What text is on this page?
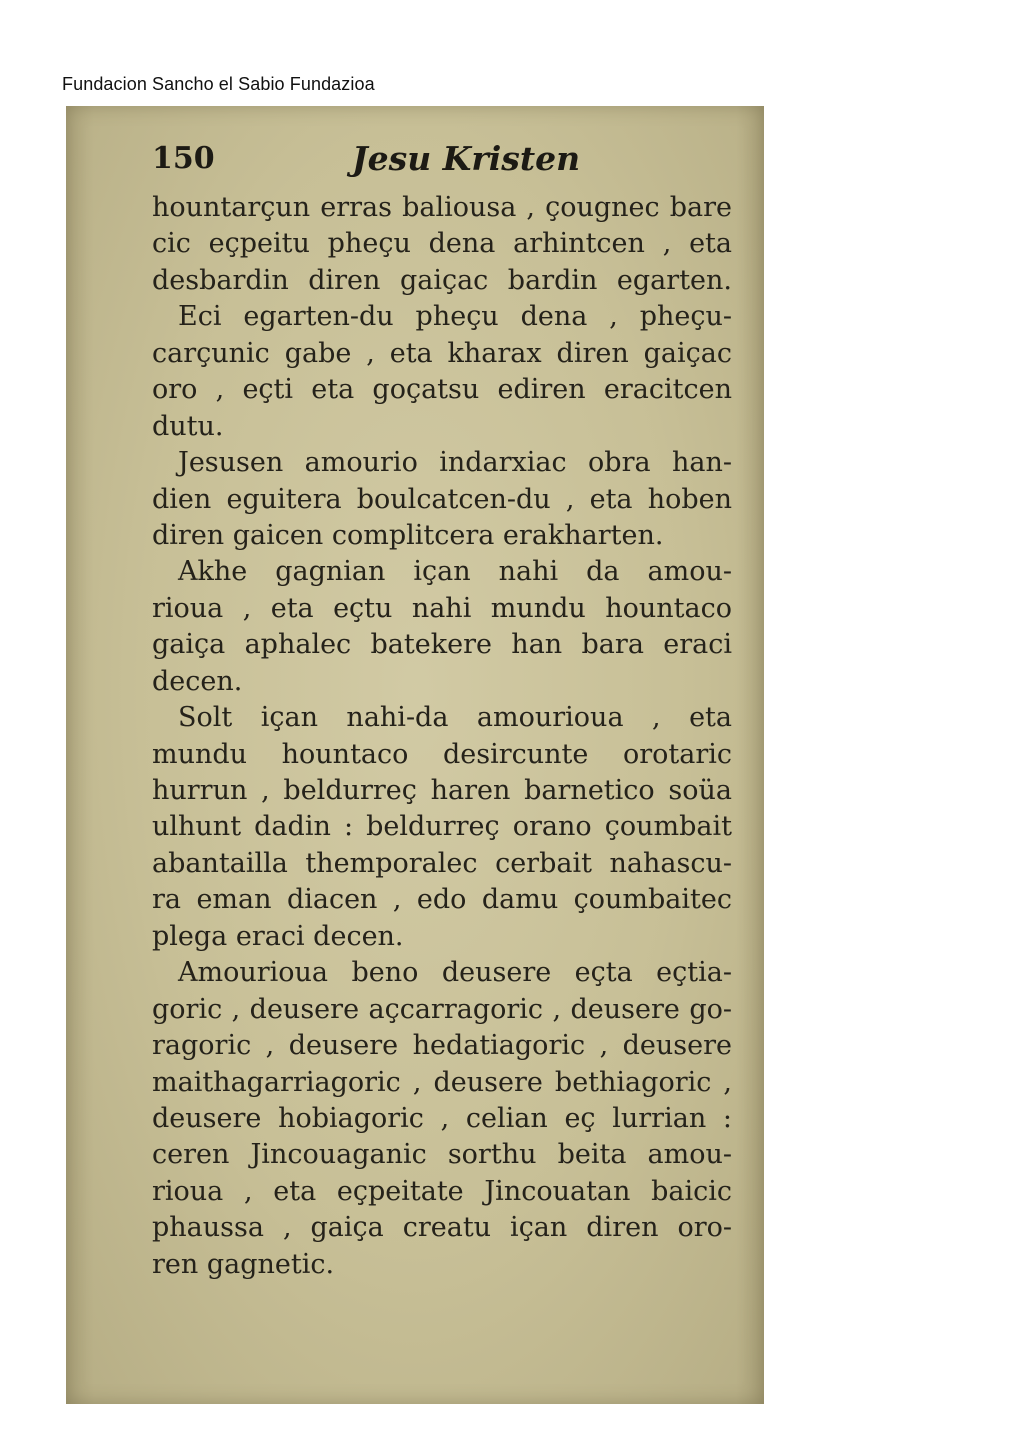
Fundacion Sancho el Sabio Fundazioa
150	Jesu Kristen
hountarçun erras baliousa , çougnec bare
cic eçpeitu pheçu dena arhintcen , eta
desbardin diren gaiçac bardin egarten.
Eci egarten-du pheçu dena , pheçu-
carçunic gabe , eta kharax diren gaiçac
oro , eçti eta goçatsu ediren eracitcen
dutu.
Jesusen amourio indarxiac obra han-
dien eguitera boulcatcen-du , eta hoben
diren gaicen complitcera erakharten.
Akhe gagnian içan nahi da amou-
rioua , eta eçtu nahi mundu hountaco
gaiça aphalec batekere han bara eraci
decen.
Solt içan nahi-da amourioua , eta
mundu hountaco desircunte orotaric
hurrun , beldurreç haren barnetico soüa
ulhunt dadin : beldurreç orano çoumbait
abantailla themporalec cerbait nahascu-
ra eman diacen , edo damu çoumbaitec
plega eraci decen.
Amourioua beno deusere eçta eçtia-
goric , deusere açcarragoric , deusere go-
ragoric , deusere hedatiagoric , deusere
maithagarriagoric , deusere bethiagoric ,
deusere hobiagoric , celian eç lurrian :
ceren Jincouaganic sorthu beita amou-
rioua , eta eçpeitate Jincouatan baicic
phaussa , gaiça creatu içan diren oro-
ren gagnetic.
